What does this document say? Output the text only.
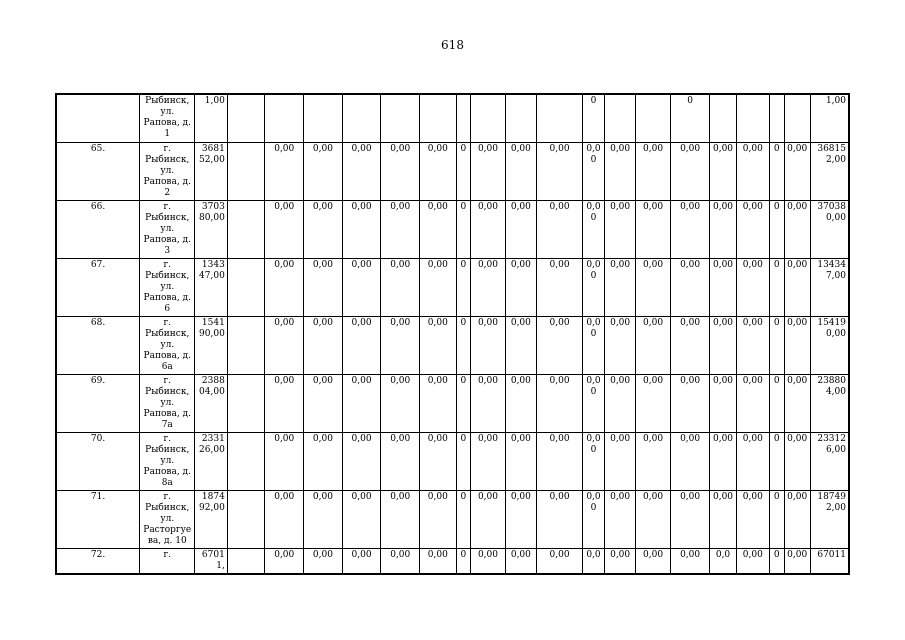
618
	Рыбинск, ул. Рапова, д. 1	1,00											0			0					1,00
65.	г. Рыбинск, ул. Рапова, д. 2	368152,00		0,00	0,00	0,00	0,00	0,00	0	0,00	0,00	0,00	0,00	0,00	0,00	0,00	0,00	0,00	0	0,00	368152,00
66.	г. Рыбинск, ул. Рапова, д. 3	370380,00		0,00	0,00	0,00	0,00	0,00	0	0,00	0,00	0,00	0,00	0,00	0,00	0,00	0,00	0,00	0	0,00	370380,00
67.	г. Рыбинск, ул. Рапова, д. 6	134347,00		0,00	0,00	0,00	0,00	0,00	0	0,00	0,00	0,00	0,00	0,00	0,00	0,00	0,00	0,00	0	0,00	134347,00
68.	г. Рыбинск, ул. Рапова, д. 6а	154190,00		0,00	0,00	0,00	0,00	0,00	0	0,00	0,00	0,00	0,00	0,00	0,00	0,00	0,00	0,00	0	0,00	154190,00
69.	г. Рыбинск, ул. Рапова, д. 7а	238804,00		0,00	0,00	0,00	0,00	0,00	0	0,00	0,00	0,00	0,00	0,00	0,00	0,00	0,00	0,00	0	0,00	238804,00
70.	г. Рыбинск, ул. Рапова, д. 8а	233126,00		0,00	0,00	0,00	0,00	0,00	0	0,00	0,00	0,00	0,00	0,00	0,00	0,00	0,00	0,00	0	0,00	233126,00
71.	г. Рыбинск, ул. Расторгуева, д. 10	187492,00		0,00	0,00	0,00	0,00	0,00	0	0,00	0,00	0,00	0,00	0,00	0,00	0,00	0,00	0,00	0	0,00	187492,00
72.	г.	67011,		0,00	0,00	0,00	0,00	0,00	0	0,00	0,00	0,00	0,0	0,00	0,00	0,00	0,0	0,00	0	0,00	67011
